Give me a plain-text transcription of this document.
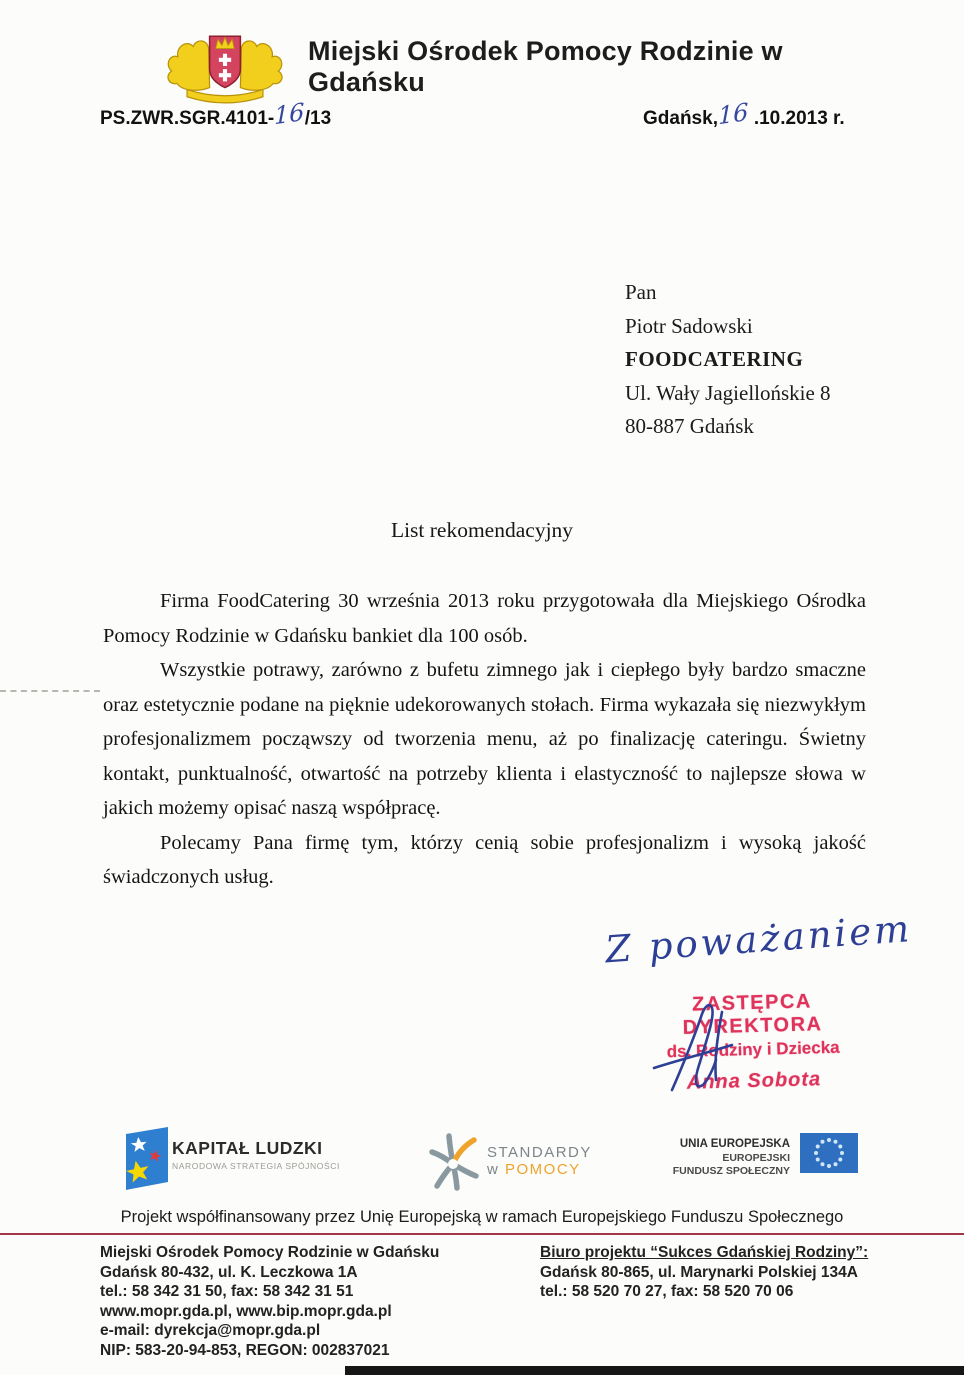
Miejski Ośrodek Pomocy Rodzinie w Gdańsku
PS.ZWR.SGR.4101-16/13	Gdańsk,16 .10.2013 r.
Pan
Piotr Sadowski
FOODCATERING
Ul. Wały Jagiellońskie 8
80-887 Gdańsk
List rekomendacyjny

Firma FoodCatering 30 września 2013 roku przygotowała dla Miejskiego Ośrodka Pomocy Rodzinie w Gdańsku bankiet dla 100 osób.

Wszystkie potrawy, zarówno z bufetu zimnego jak i ciepłego były bardzo smaczne oraz estetycznie podane na pięknie udekorowanych stołach. Firma wykazała się niezwykłym profesjonalizmem począwszy od tworzenia menu, aż po finalizację cateringu. Świetny kontakt, punktualność, otwartość na potrzeby klienta i elastyczność to najlepsze słowa w jakich możemy opisać naszą współpracę.

Polecamy Pana firmę tym, którzy cenią sobie profesjonalizm i wysoką jakość świadczonych usług.

Z poważaniem
ZASTĘPCA DYREKTORA
ds. Rodziny i Dziecka
Anna Sobota
KAPITAŁ LUDZKI
NARODOWA STRATEGIA SPÓJNOŚCI
STANDARDY
w POMOCY
UNIA EUROPEJSKA
EUROPEJSKI
FUNDUSZ SPOŁECZNY
Projekt współfinansowany przez Unię Europejską w ramach Europejskiego Funduszu Społecznego
Miejski Ośrodek Pomocy Rodzinie w Gdańsku
Gdańsk 80-432, ul. K. Leczkowa 1A
tel.: 58 342 31 50, fax: 58 342 31 51
www.mopr.gda.pl, www.bip.mopr.gda.pl
e-mail: dyrekcja@mopr.gda.pl
NIP: 583-20-94-853, REGON: 002837021
Biuro projektu “Sukces Gdańskiej Rodziny”:
Gdańsk 80-865, ul. Marynarki Polskiej 134A
tel.: 58 520 70 27, fax: 58 520 70 06
